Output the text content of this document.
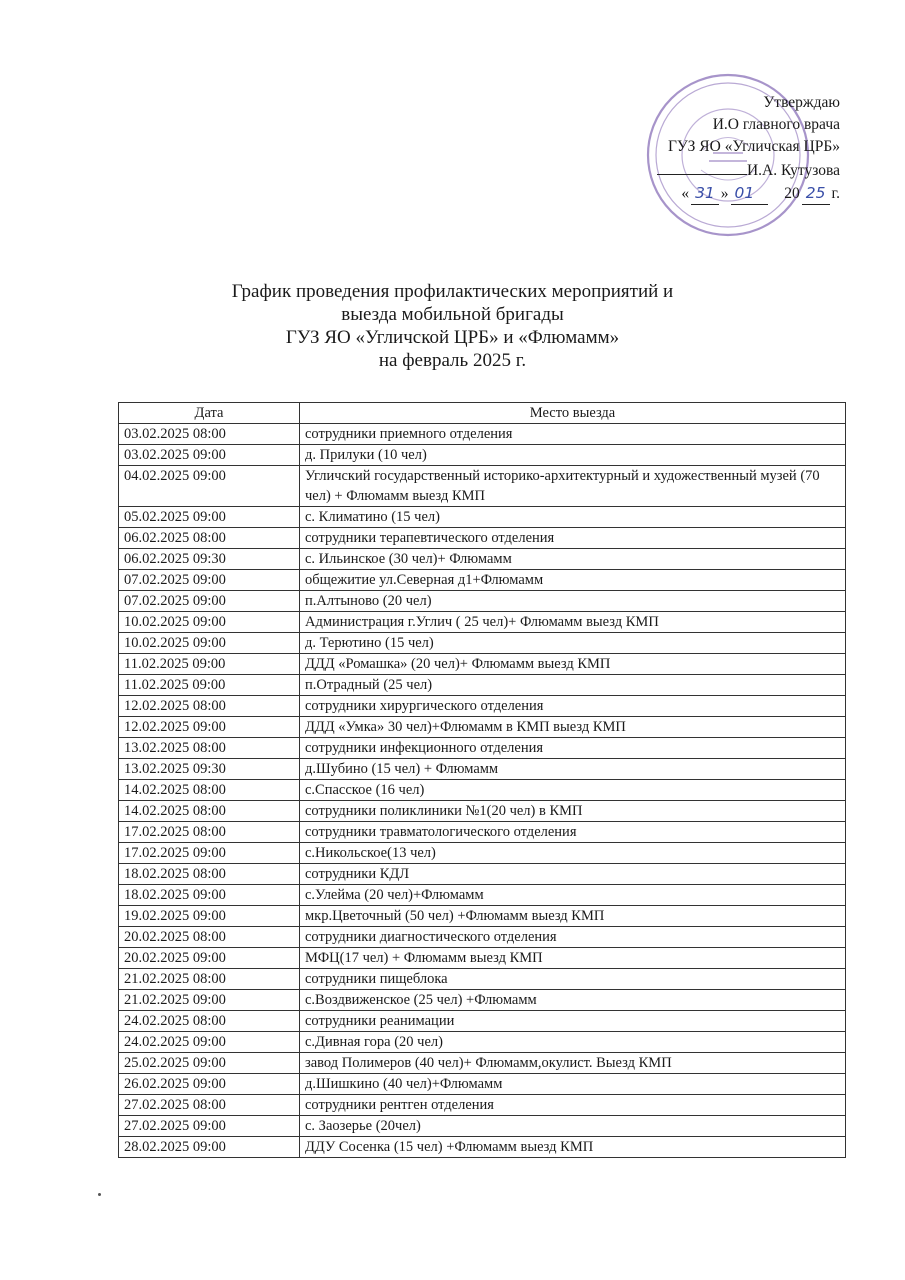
Утверждаю
И.О главного врача
ГУЗ ЯО «Угличская ЦРБ»
И.А. Кутузова
« 31 » 01	20 25 г.
График проведения профилактических мероприятий и
выезда мобильной бригады
ГУЗ ЯО «Угличской ЦРБ» и «Флюмамм»
на февраль 2025 г.
Дата	Место выезда
03.02.2025 08:00	сотрудники приемного отделения
03.02.2025 09:00	д. Прилуки (10 чел)
04.02.2025 09:00	Угличский государственный историко-архитектурный и художественный музей (70 чел) + Флюмамм выезд КМП
05.02.2025 09:00	с. Климатино (15 чел)
06.02.2025 08:00	сотрудники терапевтического отделения
06.02.2025 09:30	с. Ильинское (30 чел)+ Флюмамм
07.02.2025 09:00	общежитие ул.Северная д1+Флюмамм
07.02.2025 09:00	п.Алтыново (20 чел)
10.02.2025 09:00	Администрация г.Углич ( 25 чел)+ Флюмамм выезд КМП
10.02.2025 09:00	д. Терютино (15 чел)
11.02.2025 09:00	ДДД «Ромашка» (20 чел)+ Флюмамм выезд КМП
11.02.2025 09:00	п.Отрадный (25 чел)
12.02.2025 08:00	сотрудники хирургического отделения
12.02.2025 09:00	ДДД «Умка» 30 чел)+Флюмамм в КМП выезд КМП
13.02.2025 08:00	сотрудники инфекционного отделения
13.02.2025 09:30	д.Шубино (15 чел) + Флюмамм
14.02.2025 08:00	с.Спасское (16 чел)
14.02.2025 08:00	сотрудники поликлиники №1(20 чел) в КМП
17.02.2025 08:00	сотрудники травматологического отделения
17.02.2025 09:00	с.Никольское(13 чел)
18.02.2025 08:00	сотрудники КДЛ
18.02.2025 09:00	с.Улейма (20 чел)+Флюмамм
19.02.2025 09:00	мкр.Цветочный (50 чел) +Флюмамм выезд КМП
20.02.2025 08:00	сотрудники диагностического отделения
20.02.2025 09:00	МФЦ(17 чел) + Флюмамм выезд КМП
21.02.2025 08:00	сотрудники пищеблока
21.02.2025 09:00	с.Воздвиженское (25 чел) +Флюмамм
24.02.2025 08:00	сотрудники реанимации
24.02.2025 09:00	с.Дивная гора (20 чел)
25.02.2025 09:00	завод Полимеров (40 чел)+ Флюмамм,окулист. Выезд КМП
26.02.2025 09:00	д.Шишкино (40 чел)+Флюмамм
27.02.2025 08:00	сотрудники рентген отделения
27.02.2025 09:00	с. Заозерье (20чел)
28.02.2025 09:00	ДДУ Сосенка (15 чел) +Флюмамм выезд КМП
